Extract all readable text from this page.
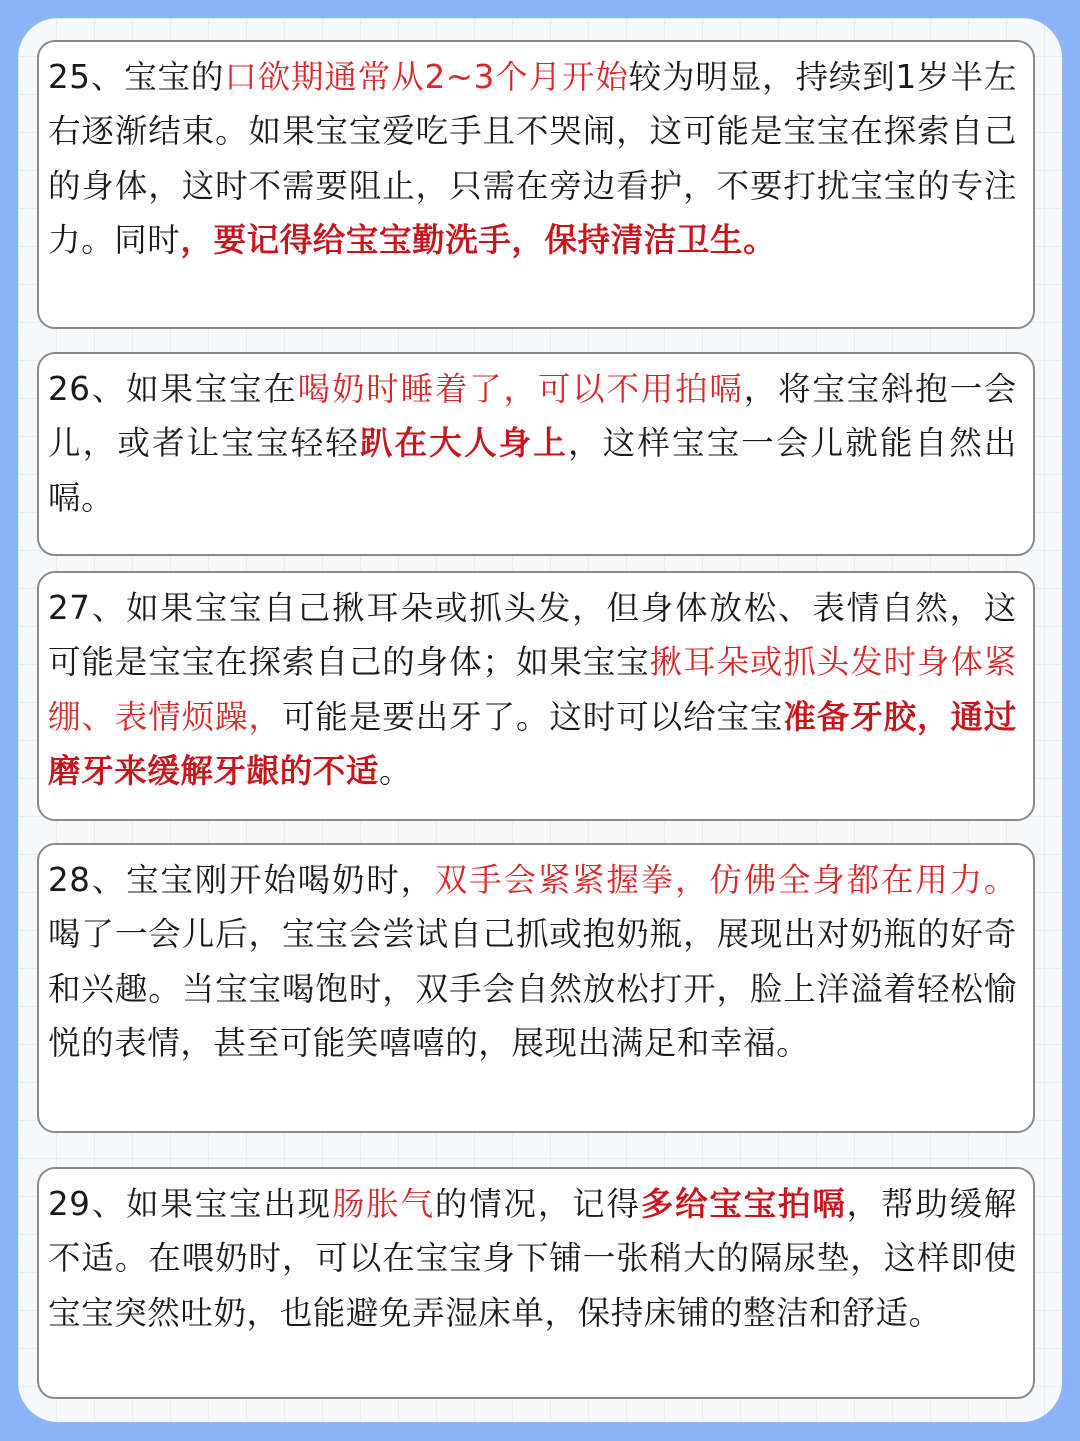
25、宝宝的口欲期通常从2~3个月开始较为明显，持续到1岁半左右逐渐结束。如果宝宝爱吃手且不哭闹，这可能是宝宝在探索自己的身体，这时不需要阻止，只需在旁边看护，不要打扰宝宝的专注力。同时，要记得给宝宝勤洗手，保持清洁卫生。
26、如果宝宝在喝奶时睡着了，可以不用拍嗝，将宝宝斜抱一会儿，或者让宝宝轻轻趴在大人身上，这样宝宝一会儿就能自然出嗝。
27、如果宝宝自己揪耳朵或抓头发，但身体放松、表情自然，这可能是宝宝在探索自己的身体；如果宝宝揪耳朵或抓头发时身体紧绷、表情烦躁，可能是要出牙了。这时可以给宝宝准备牙胶，通过磨牙来缓解牙龈的不适。
28、宝宝刚开始喝奶时，双手会紧紧握拳，仿佛全身都在用力。喝了一会儿后，宝宝会尝试自己抓或抱奶瓶，展现出对奶瓶的好奇和兴趣。当宝宝喝饱时，双手会自然放松打开，脸上洋溢着轻松愉悦的表情，甚至可能笑嘻嘻的，展现出满足和幸福。
29、如果宝宝出现肠胀气的情况，记得多给宝宝拍嗝，帮助缓解不适。在喂奶时，可以在宝宝身下铺一张稍大的隔尿垫，这样即使宝宝突然吐奶，也能避免弄湿床单，保持床铺的整洁和舒适。
